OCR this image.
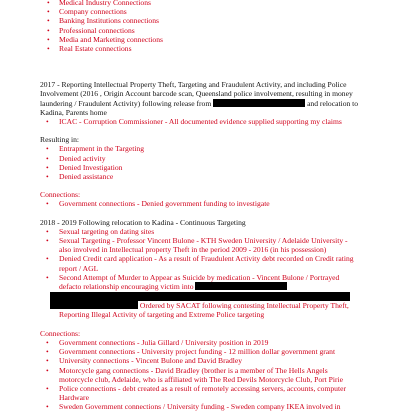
• Medical Industry Connections
• Company connections
• Banking Institutions connections
• Professional connections
• Media and Marketing connections
• Real Estate connections

2017 - Reporting Intellectual Property Theft, Targeting and Fraudulent Activity, and including Police Involvement (2016 , Origin Account barcode scan, Queensland police involvement, resulting in money laundering / Fraudulent Activity) following release from	and relocation to Kadina, Parents home

• ICAC - Corruption Commissioner - All documented evidence supplied supporting my claims

Resulting in:

• Entrapment in the Targeting
• Denied activity
• Denied Investigation
• Denied assistance

Connections:

• Government connections - Denied government funding to investigate

2018 - 2019 Following relocation to Kadina - Continuous Targeting

• Sexual targeting on dating sites
• Sexual Targeting - Professor Vincent Bulone - KTH Sweden University / Adelaide University - also involved in Intellectual property Theft in the period 2009 - 2016 (in his possession)
• Denied Credit card application - As a result of Fraudulent Activity debt recorded on Credit rating report / AGL
• Second Attempt of Murder to Appear as Suicide by medication - Vincent Bulone / Portrayed defacto relationship encouraging victim into

Ordered by SACAT following contesting Intellectual Property Theft, Reporting Illegal Activity of targeting and Extreme Police targeting

Connections:

• Government connections - Julia Gillard / University position in 2019
• Government connections - University project funding - 12 million dollar government grant
• University connections - Vincent Bulone and David Bradley
• Motorcycle gang connections - David Bradley (brother is a member of The Hells Angels motorcycle club, Adelaide, who is affiliated with The Red Devils Motorcycle Club, Port Pirie
• Police connections - debt created as a result of remotely accessing servers, accounts, computer Hardware
• Sweden Government connections / University funding - Sweden company IKEA involved in
